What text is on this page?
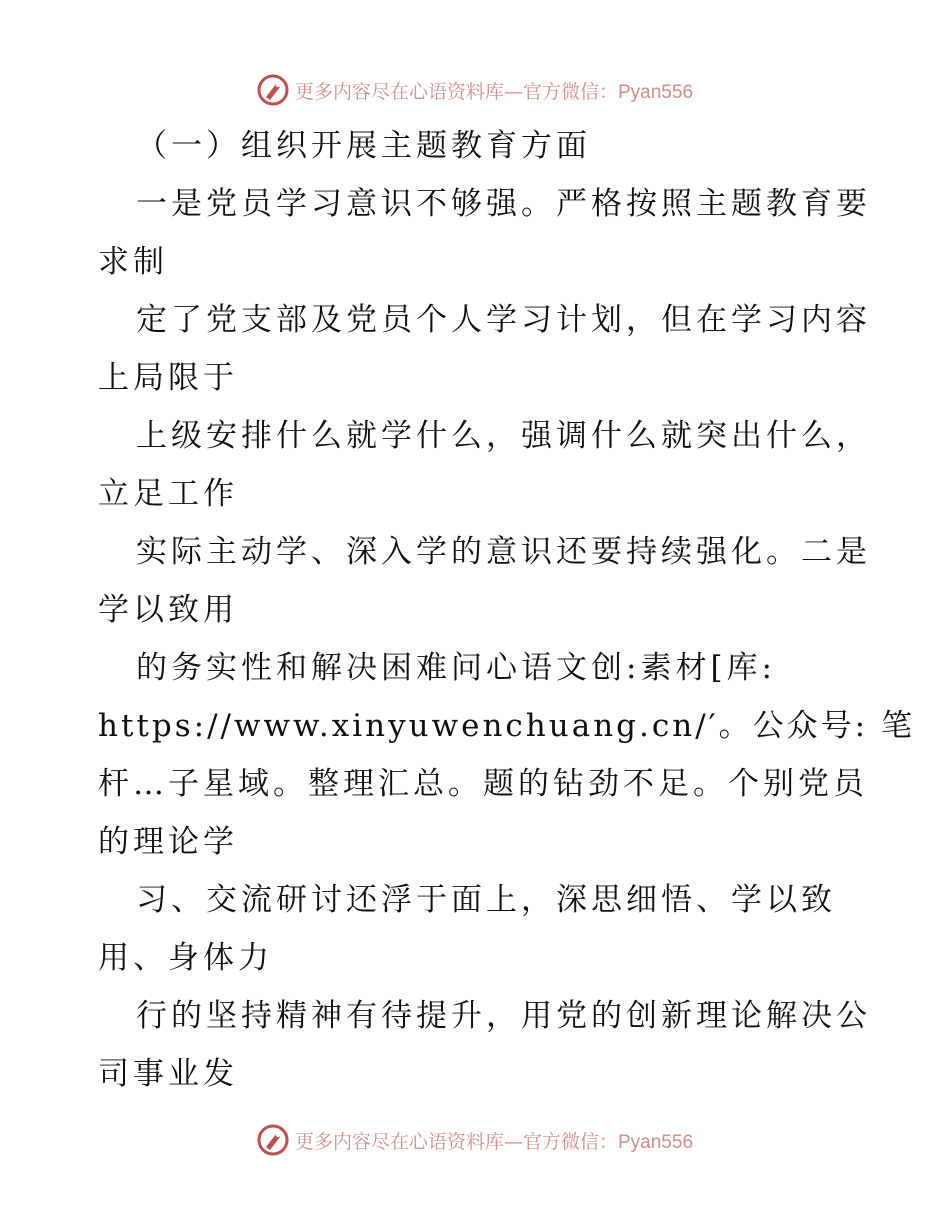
更多内容尽在心语资料库—官方微信：Pyan556
（一）组织开展主题教育方面
一是党员学习意识不够强。严格按照主题教育要
求制
定了党支部及党员个人学习计划，但在学习内容
上局限于
上级安排什么就学什么，强调什么就突出什么，
立足工作
实际主动学、深入学的意识还要持续强化。二是
学以致用
的务实性和解决困难问心语文创:素材[库:
https://www.xinyuwenchuang.cn/′。公众号: 笔
杆…子星域。整理汇总。题的钻劲不足。个别党员
的理论学
习、交流研讨还浮于面上，深思细悟、学以致
用、身体力
行的坚持精神有待提升，用党的创新理论解决公
司事业发
更多内容尽在心语资料库—官方微信：Pyan556
